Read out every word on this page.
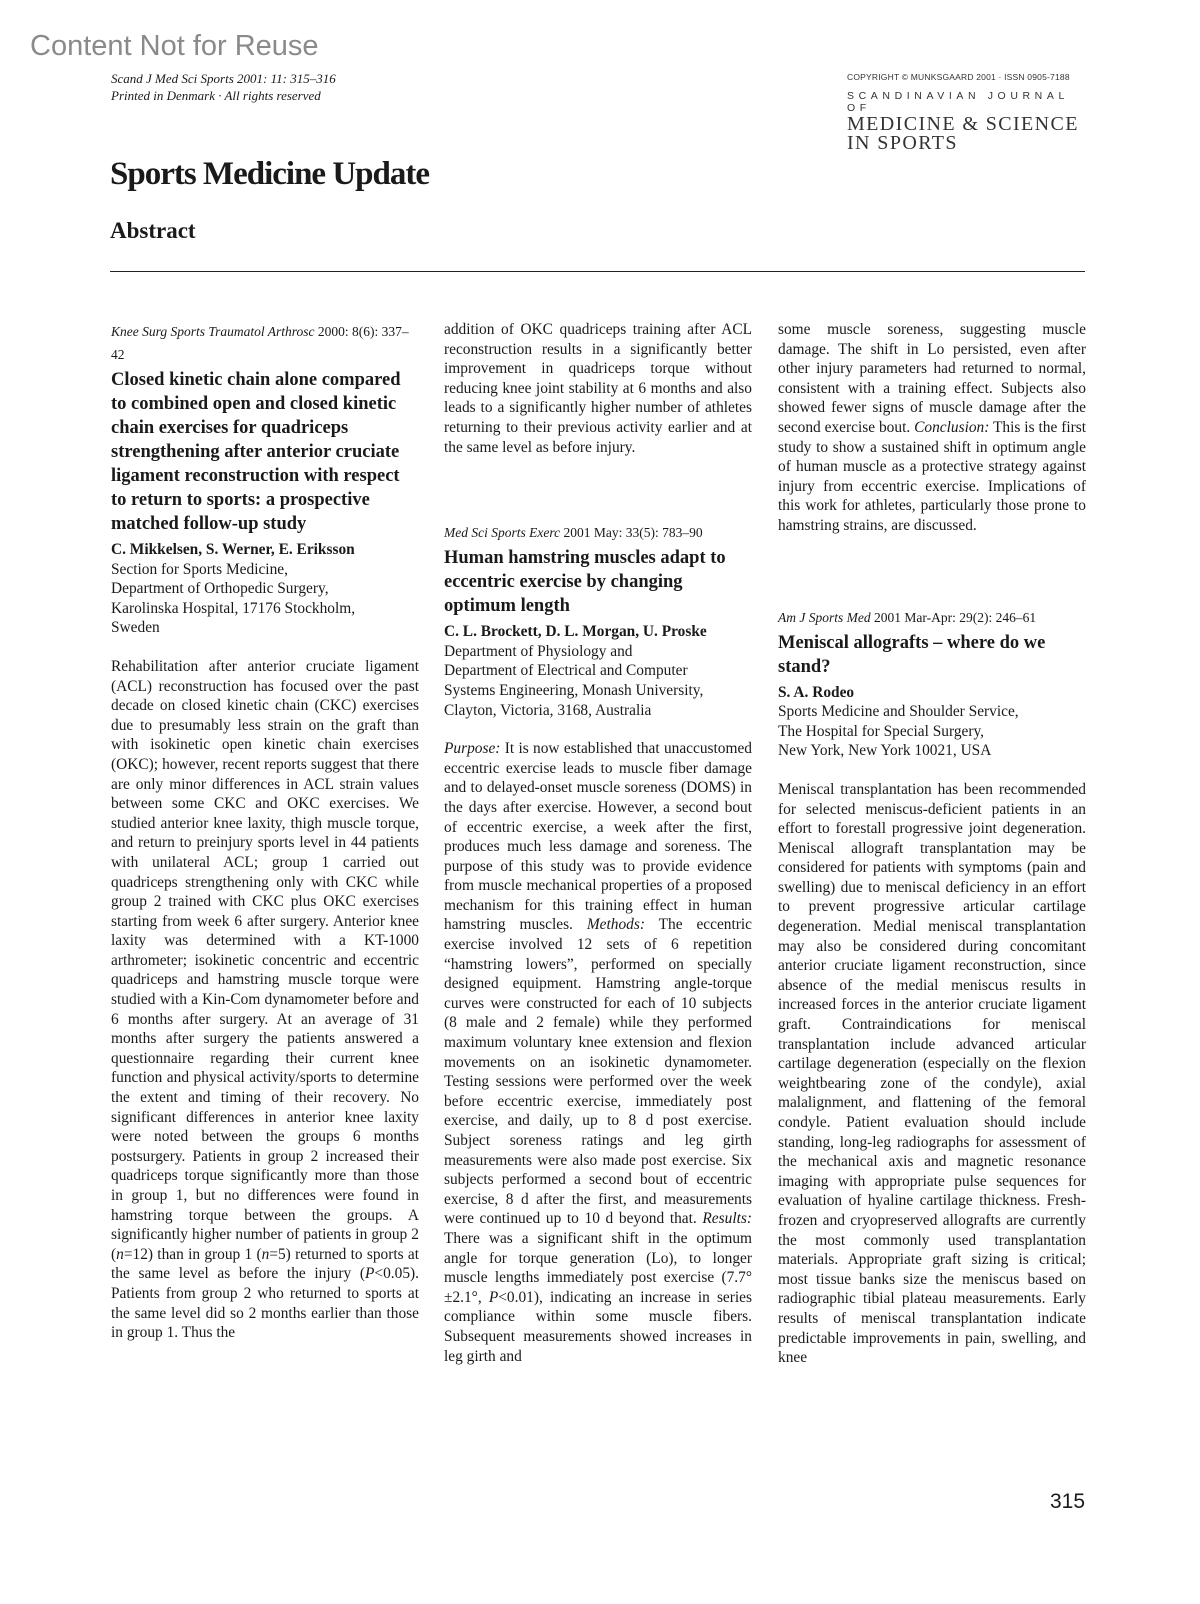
Content Not for Reuse
Scand J Med Sci Sports 2001: 11: 315–316
Printed in Denmark · All rights reserved
COPYRIGHT © MUNKSGAARD 2001 · ISSN 0905-7188
SCANDINAVIAN JOURNAL OF
MEDICINE & SCIENCE
IN SPORTS
Sports Medicine Update
Abstract
Knee Surg Sports Traumatol Arthrosc 2000: 8(6): 337–42
Closed kinetic chain alone compared to combined open and closed kinetic chain exercises for quadriceps strengthening after anterior cruciate ligament reconstruction with respect to return to sports: a prospective matched follow-up study
C. Mikkelsen, S. Werner, E. Eriksson
Section for Sports Medicine,
Department of Orthopedic Surgery,
Karolinska Hospital, 17176 Stockholm,
Sweden

Rehabilitation after anterior cruciate ligament (ACL) reconstruction has focused over the past decade on closed kinetic chain (CKC) exercises due to presumably less strain on the graft than with isokinetic open kinetic chain exercises (OKC); however, recent reports suggest that there are only minor differences in ACL strain values between some CKC and OKC exercises. We studied anterior knee laxity, thigh muscle torque, and return to preinjury sports level in 44 patients with unilateral ACL; group 1 carried out quadriceps strengthening only with CKC while group 2 trained with CKC plus OKC exercises starting from week 6 after surgery. Anterior knee laxity was determined with a KT-1000 arthrometer; isokinetic concentric and eccentric quadriceps and hamstring muscle torque were studied with a Kin-Com dynamometer before and 6 months after surgery. At an average of 31 months after surgery the patients answered a questionnaire regarding their current knee function and physical activity/sports to determine the extent and timing of their recovery. No significant differences in anterior knee laxity were noted between the groups 6 months postsurgery. Patients in group 2 increased their quadriceps torque significantly more than those in group 1, but no differences were found in hamstring torque between the groups. A significantly higher number of patients in group 2 (n=12) than in group 1 (n=5) returned to sports at the same level as before the injury (P<0.05). Patients from group 2 who returned to sports at the same level did so 2 months earlier than those in group 1. Thus the

addition of OKC quadriceps training after ACL reconstruction results in a significantly better improvement in quadriceps torque without reducing knee joint stability at 6 months and also leads to a significantly higher number of athletes returning to their previous activity earlier and at the same level as before injury.

Med Sci Sports Exerc 2001 May: 33(5): 783–90
Human hamstring muscles adapt to eccentric exercise by changing optimum length
C. L. Brockett, D. L. Morgan, U. Proske
Department of Physiology and
Department of Electrical and Computer
Systems Engineering, Monash University,
Clayton, Victoria, 3168, Australia

Purpose: It is now established that unaccustomed eccentric exercise leads to muscle fiber damage and to delayed-onset muscle soreness (DOMS) in the days after exercise. However, a second bout of eccentric exercise, a week after the first, produces much less damage and soreness. The purpose of this study was to provide evidence from muscle mechanical properties of a proposed mechanism for this training effect in human hamstring muscles. Methods: The eccentric exercise involved 12 sets of 6 repetition “hamstring lowers”, performed on specially designed equipment. Hamstring angle-torque curves were constructed for each of 10 subjects (8 male and 2 female) while they performed maximum voluntary knee extension and flexion movements on an isokinetic dynamometer. Testing sessions were performed over the week before eccentric exercise, immediately post exercise, and daily, up to 8 d post exercise. Subject soreness ratings and leg girth measurements were also made post exercise. Six subjects performed a second bout of eccentric exercise, 8 d after the first, and measurements were continued up to 10 d beyond that. Results: There was a significant shift in the optimum angle for torque generation (Lo), to longer muscle lengths immediately post exercise (7.7°±2.1°, P<0.01), indicating an increase in series compliance within some muscle fibers. Subsequent measurements showed increases in leg girth and

some muscle soreness, suggesting muscle damage. The shift in Lo persisted, even after other injury parameters had returned to normal, consistent with a training effect. Subjects also showed fewer signs of muscle damage after the second exercise bout. Conclusion: This is the first study to show a sustained shift in optimum angle of human muscle as a protective strategy against injury from eccentric exercise. Implications of this work for athletes, particularly those prone to hamstring strains, are discussed.

Am J Sports Med 2001 Mar-Apr: 29(2): 246–61
Meniscal allografts – where do we stand?
S. A. Rodeo
Sports Medicine and Shoulder Service,
The Hospital for Special Surgery,
New York, New York 10021, USA

Meniscal transplantation has been recommended for selected meniscus-deficient patients in an effort to forestall progressive joint degeneration. Meniscal allograft transplantation may be considered for patients with symptoms (pain and swelling) due to meniscal deficiency in an effort to prevent progressive articular cartilage degeneration. Medial meniscal transplantation may also be considered during concomitant anterior cruciate ligament reconstruction, since absence of the medial meniscus results in increased forces in the anterior cruciate ligament graft. Contraindications for meniscal transplantation include advanced articular cartilage degeneration (especially on the flexion weightbearing zone of the condyle), axial malalignment, and flattening of the femoral condyle. Patient evaluation should include standing, long-leg radiographs for assessment of the mechanical axis and magnetic resonance imaging with appropriate pulse sequences for evaluation of hyaline cartilage thickness. Fresh-frozen and cryopreserved allografts are currently the most commonly used transplantation materials. Appropriate graft sizing is critical; most tissue banks size the meniscus based on radiographic tibial plateau measurements. Early results of meniscal transplantation indicate predictable improvements in pain, swelling, and knee

315
